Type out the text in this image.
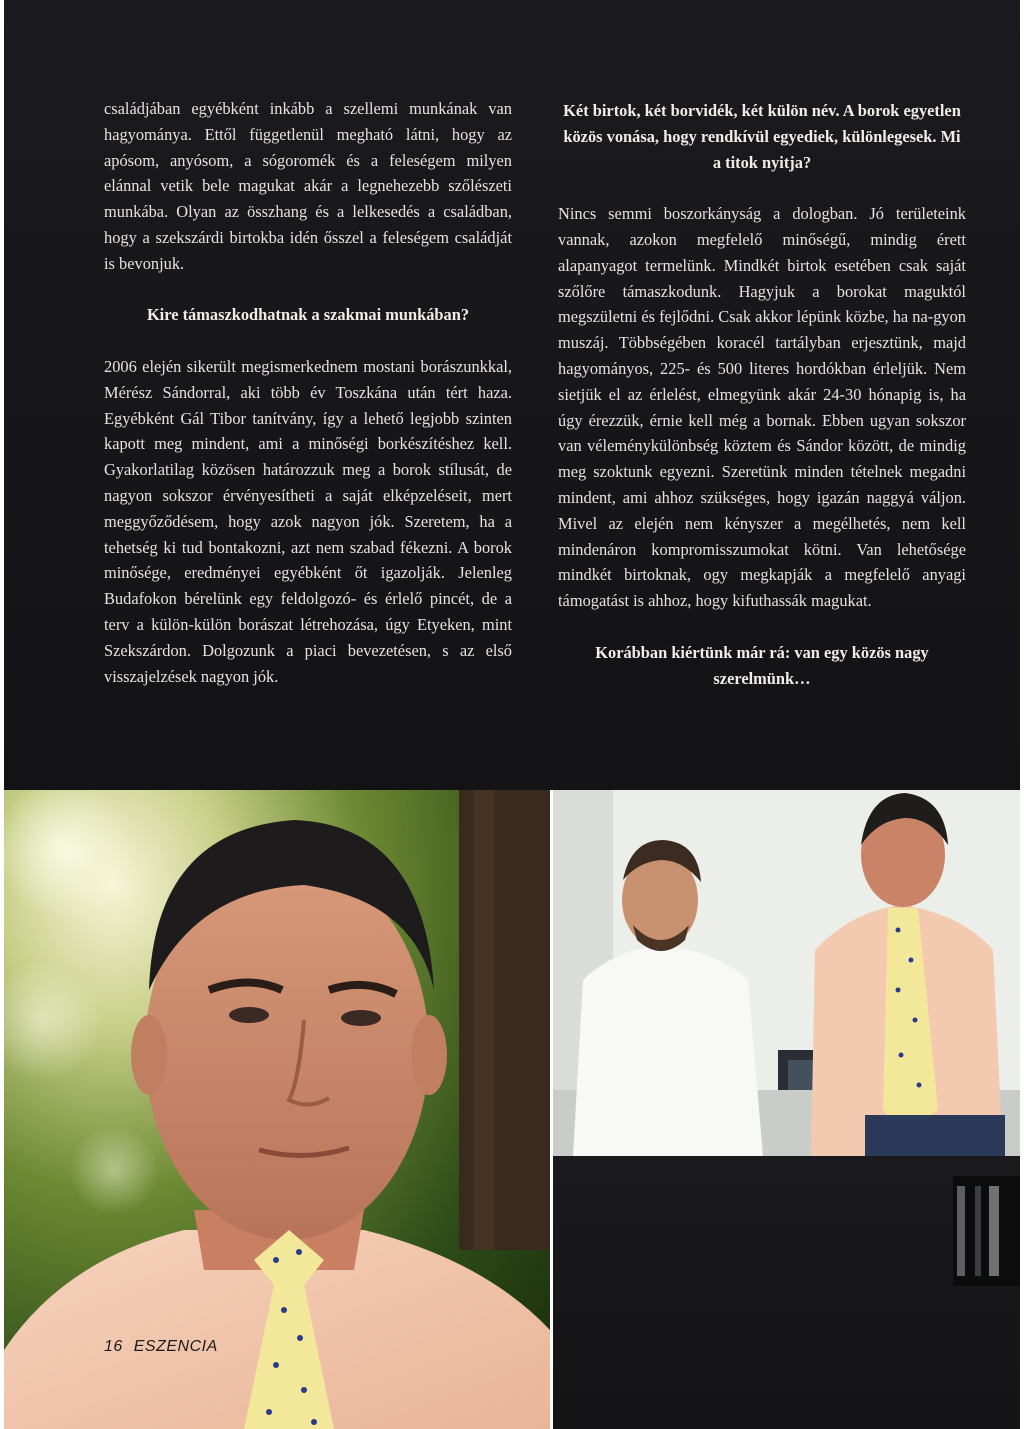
családjában egyébként inkább a szellemi munkának van hagyománya. Ettől függetlenül megható látni, hogy az apósom, anyósom, a sógoromék és a feleségem milyen elánnal vetik bele magukat akár a legnehezebb szőlészeti munkába. Olyan az összhang és a lelkesedés a családban, hogy a szekszárdi birtokba idén ősszel a feleségem családját is bevonjuk.

Kire támaszkodhatnak a szakmai munkában?

2006 elején sikerült megismerkednem mostani borászunkkal, Mérész Sándorral, aki több év Toszkána után tért haza. Egyébként Gál Tibor tanítvány, így a lehető legjobb szinten kapott meg mindent, ami a minőségi borkészítéshez kell. Gyakorlatilag közösen határozzuk meg a borok stílusát, de nagyon sokszor érvényesítheti a saját elképzeléseit, mert meggyőződésem, hogy azok nagyon jók. Szeretem, ha a tehetség ki tud bontakozni, azt nem szabad fékezni. A borok minősége, eredményei egyébként őt igazolják. Jelenleg Budafokon bérelünk egy feldolgozó- és érlelő pincét, de a terv a külön-külön borászat létrehozása, úgy Etyeken, mint Szekszárdon. Dolgozunk a piaci bevezetésen, s az első visszajelzések nagyon jók.

Két birtok, két borvidék, két külön név. A borok egyetlen közös vonása, hogy rendkívül egyediek, különlegesek. Mi a titok nyitja?

Nincs semmi boszorkányság a dologban. Jó területeink vannak, azokon megfelelő minőségű, mindig érett alapanyagot termelünk. Mindkét birtok esetében csak saját szőlőre támaszkodunk. Hagyjuk a borokat maguktól megszületni és fejlődni. Csak akkor lépünk közbe, ha na-gyon muszáj. Többségében koracél tartályban erjesztünk, majd hagyományos, 225- és 500 literes hordókban érleljük. Nem sietjük el az érlelést, elmegyünk akár 24-30 hónapig is, ha úgy érezzük, érnie kell még a bornak. Ebben ugyan sokszor van véleménykülönbség köztem és Sándor között, de mindig meg szoktunk egyezni. Szeretünk minden tételnek megadni mindent, ami ahhoz szükséges, hogy igazán naggyá váljon. Mivel az elején nem kényszer a megélhetés, nem kell mindenáron kompromisszumokat kötni. Van lehetősége mindkét birtoknak, ogy megkapják a megfelelő anyagi támogatást is ahhoz, hogy kifuthassák magukat.

Korábban kiértünk már rá: van egy közös nagy szerelmünk…

16 ESZENCIA
